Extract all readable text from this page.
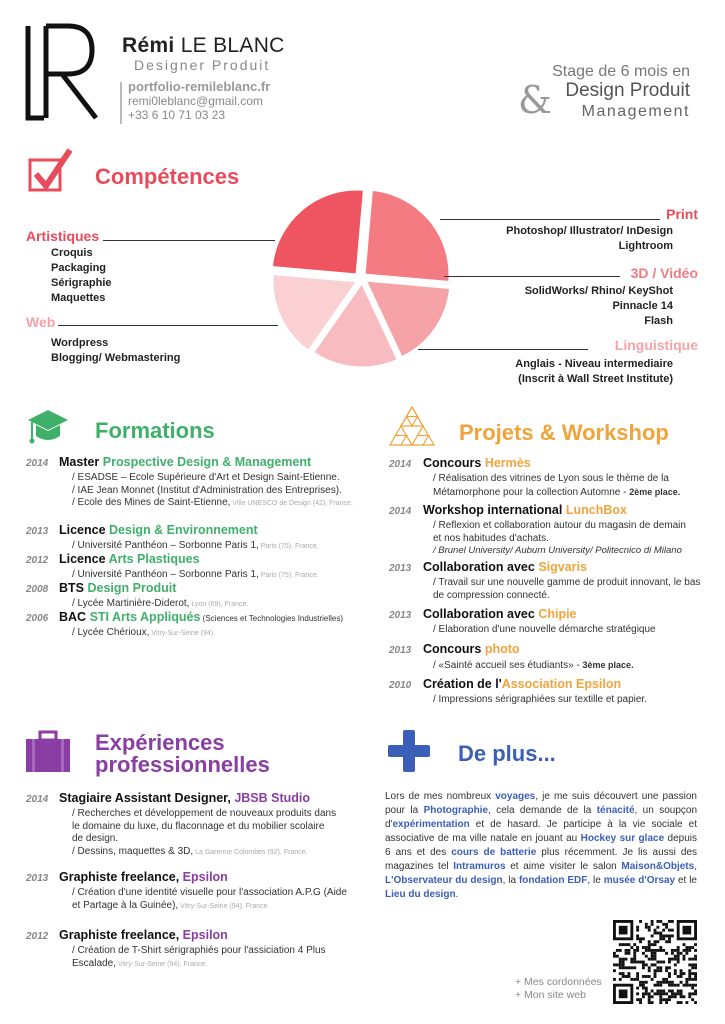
Rémi LE BLANC
Designer Produit
portfolio-remileblanc.fr
remi0leblanc@gmail.com
+33 6 10 71 03 23
Stage de 6 mois en
& Design Produit
Management
Compétences
Artistiques
Croquis
Packaging
Sérigraphie
Maquettes
Web
Wordpress
Blogging/ Webmastering
Print
Photoshop/ Illustrator/ InDesign
Lightroom
3D / Vidéo
SolidWorks/ Rhino/ KeyShot
Pinnacle 14
Flash
Linguistique
Anglais - Niveau intermediaire
(Inscrit à Wall Street Institute)
Formations
2014 Master Prospective Design & Management
/ ESADSE – Ecole Supérieure d'Art et Design Saint-Etienne.
/ IAE Jean Monnet (Institut d'Administration des Entreprises).
/ Ecole des Mines de Saint-Etienne, Ville UNESCO de Design (42), France.
2013 Licence Design & Environnement
/ Université Panthéon – Sorbonne Paris 1, Paris (75), France.
2012 Licence Arts Plastiques
/ Université Panthéon – Sorbonne Paris 1, Paris (75), France.
2008 BTS Design Produit
/ Lycée Martinière-Diderot, Lyon (69), France.
2006 BAC STI Arts Appliqués (Sciences et Technologies Industrielles)
/ Lycée Chérioux, Vitry-Sur-Seine (94).
Projets & Workshop
2014 Concours Hermès
/ Réalisation des vitrines de Lyon sous le thème de la
Métamorphone pour la collection Automne - 2ème place.
2014 Workshop international LunchBox
/ Reflexion et collaboration autour du magasin de demain
et nos habitudes d'achats.
/ Brunel University/ Auburn University/ Politecnico di Milano
2013 Collaboration avec Sigvaris
/ Travail sur une nouvelle gamme de produit innovant, le bas
de compression connecté.
2013 Collaboration avec Chipie
/ Elaboration d'une nouvelle démarche stratégique
2013 Concours photo
/ «Sainté accueil ses étudiants» - 3ème place.
2010 Création de l'Association Epsilon
/ Impressions sérigraphiées sur textille et papier.
Expériences
professionnelles
2014 Stagiaire Assistant Designer, JBSB Studio
/ Recherches et développement de nouveaux produits dans
le domaine du luxe, du flaconnage et du mobilier scolaire
de design.
/ Dessins, maquettes & 3D, La Garenne Colombes (92), France.
2013 Graphiste freelance, Epsilon
/ Création d'une identité visuelle pour l'association A.P.G (Aide
et Partage à la Guinée), Vitry-Sur-Seine (94), France.
2012 Graphiste freelance, Epsilon
/ Création de T-Shirt sérigraphiés pour l'assiciation 4 Plus
Escalade, Vitry-Sur-Seine (94), France.
De plus...
Lors de mes nombreux voyages, je me suis découvert une passion pour la Photographie, cela demande de la ténacité, un soupçon d'expérimentation et de hasard. Je participe à la vie sociale et associative de ma ville natale en jouant au Hockey sur glace depuis 6 ans et des cours de batterie plus récemment. Je lis aussi des magazines tel Intramuros et aime visiter le salon Maison&Objets, L'Observateur du design, la fondation EDF, le musée d'Orsay et le Lieu du design.
+ Mes cordonnées
+ Mon site web
